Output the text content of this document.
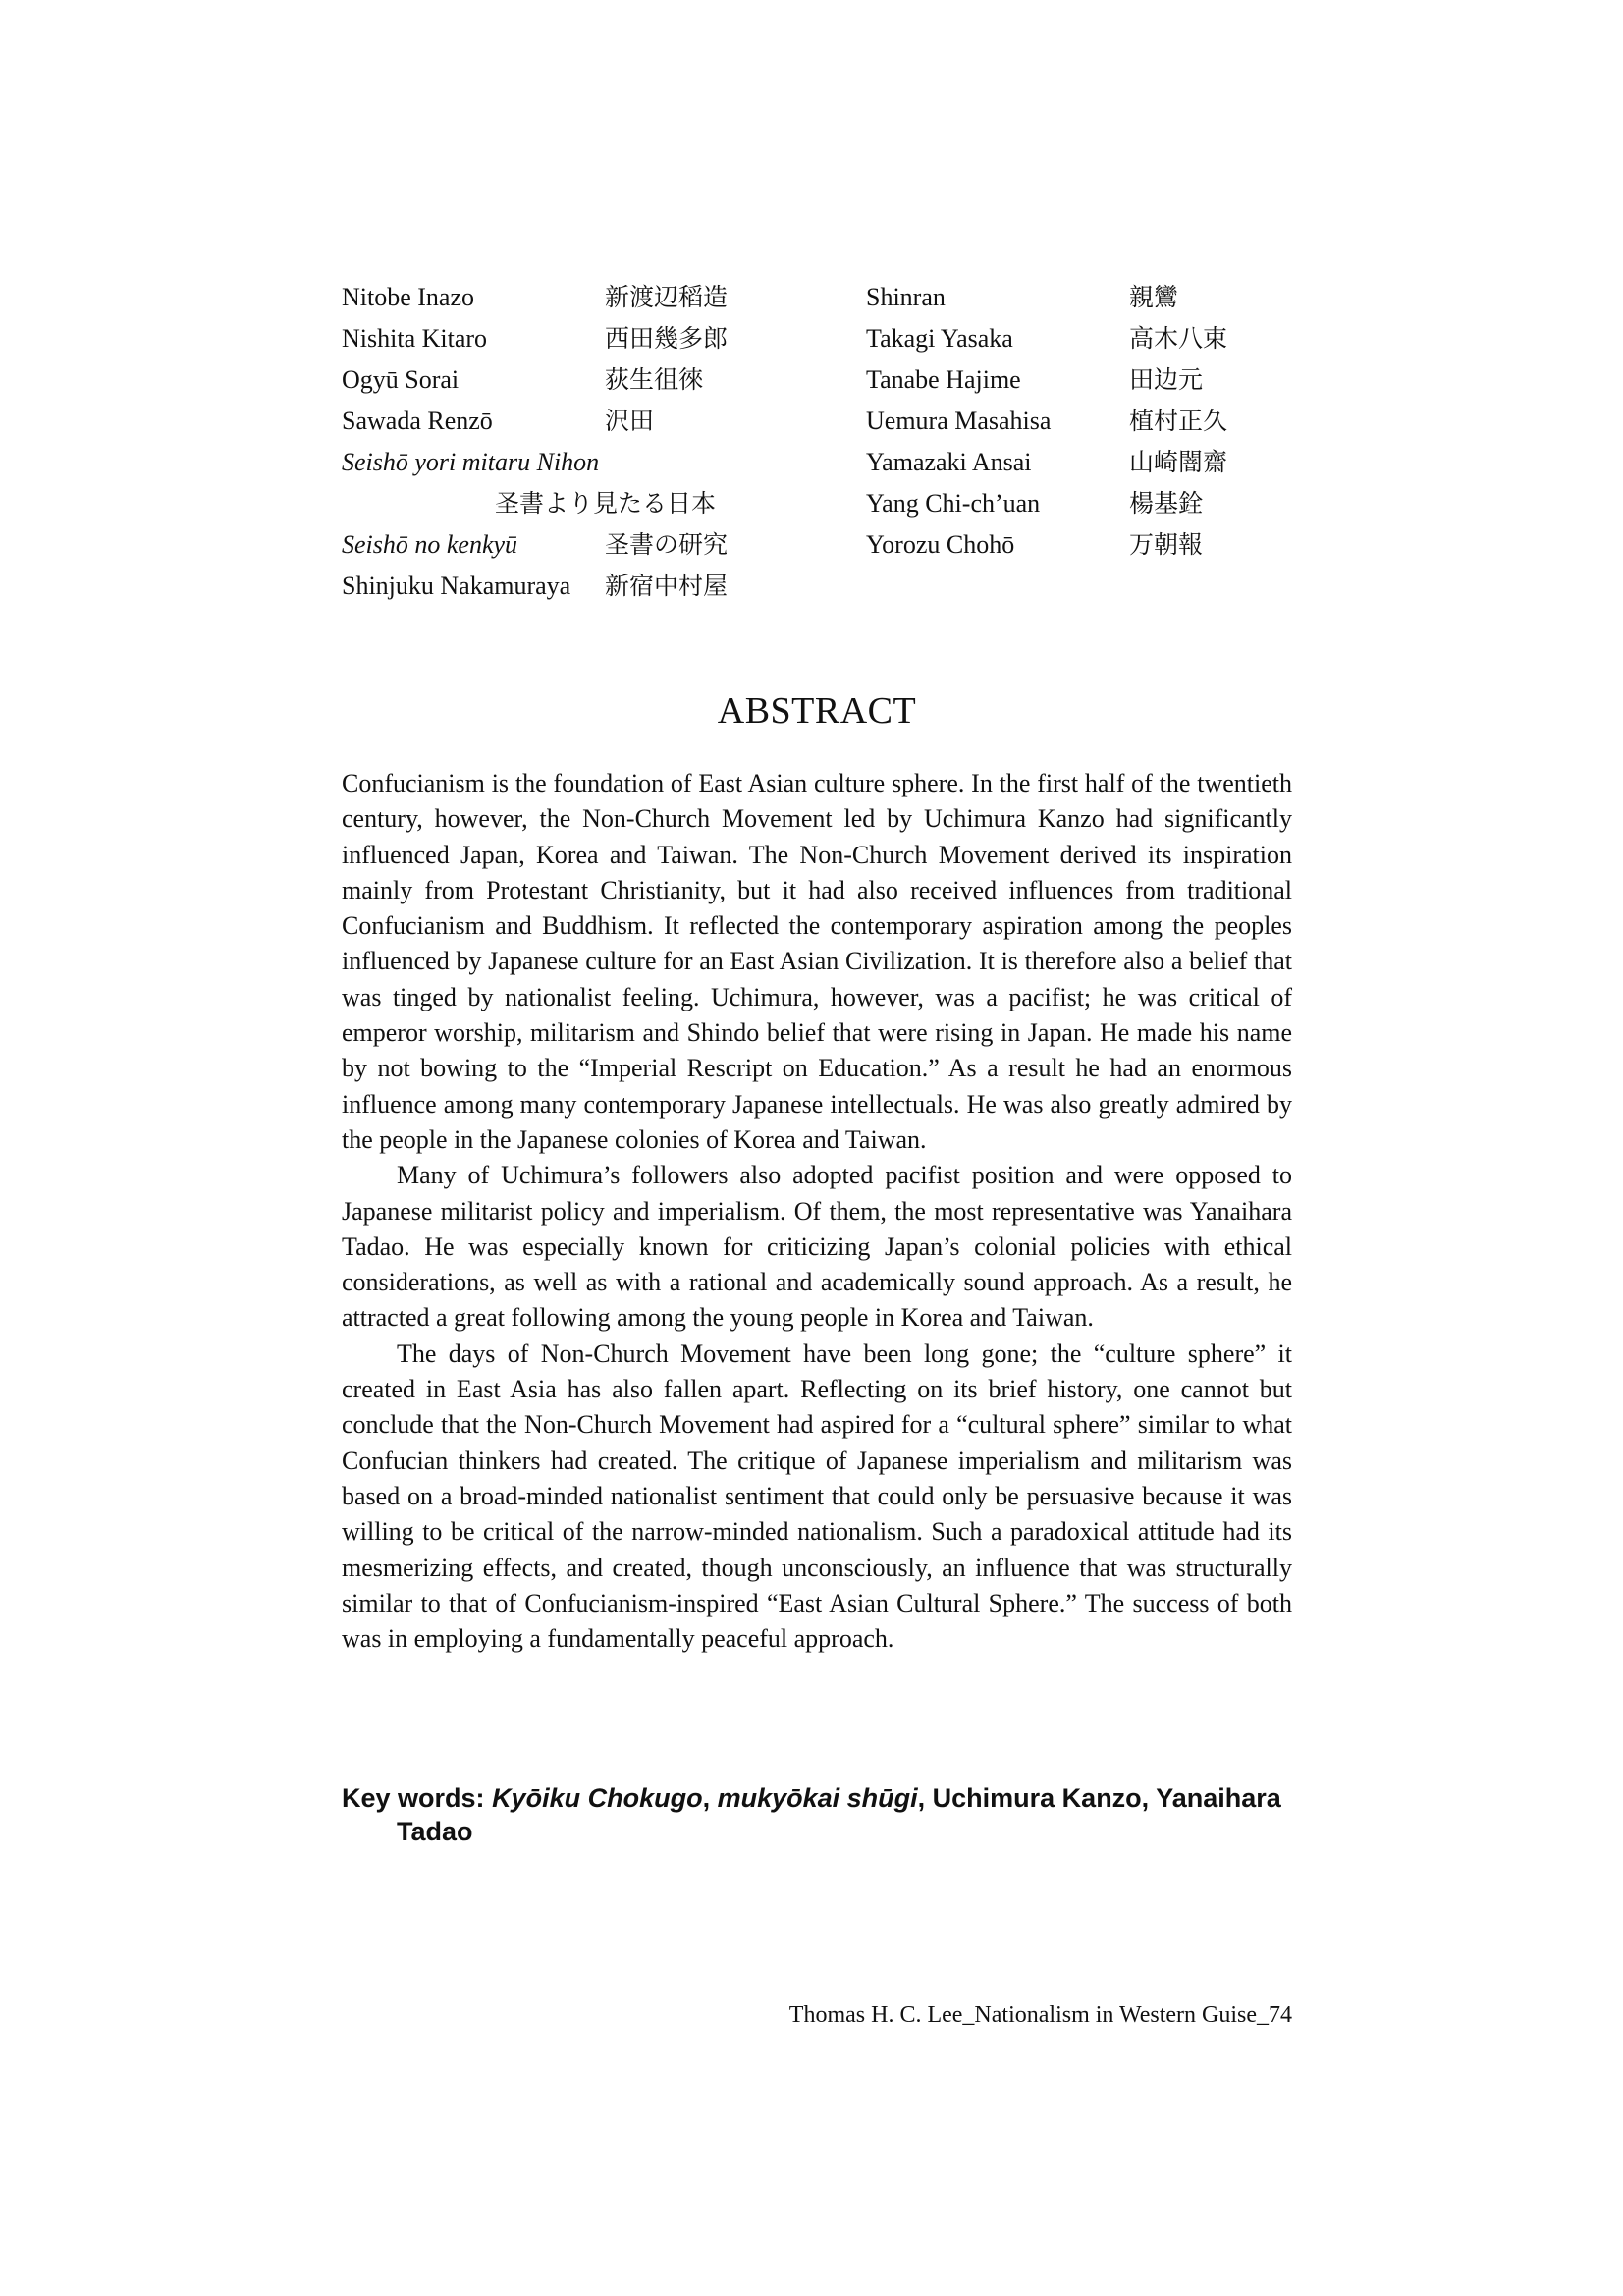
Nitobe Inazo	新渡辺稻造
Nishita Kitaro	西田幾多郎
Ogyū Sorai	荻生徂徠
Sawada Renzō	沢田
Seishō yori mitaru Nihon
圣書より見たる日本
Seishō no kenkyū	圣書の研究
Shinjuku Nakamuraya 新宿中村屋
Shinran	親鸞
Takagi Yasaka	高木八束
Tanabe Hajime	田边元
Uemura Masahisa	植村正久
Yamazaki Ansai	山崎闇齋
Yang Chi-ch’uan	楊基銓
Yorozu Chohō	万朝報
ABSTRACT

Confucianism is the foundation of East Asian culture sphere. In the first half of the twentieth century, however, the Non-Church Movement led by Uchimura Kanzo had significantly influenced Japan, Korea and Taiwan. The Non-Church Movement derived its inspiration mainly from Protestant Christianity, but it had also received influences from traditional Confucianism and Buddhism. It reflected the contemporary aspiration among the peoples influenced by Japanese culture for an East Asian Civilization. It is therefore also a belief that was tinged by nationalist feeling. Uchimura, however, was a pacifist; he was critical of emperor worship, militarism and Shindo belief that were rising in Japan. He made his name by not bowing to the “Imperial Rescript on Education.” As a result he had an enormous influence among many contemporary Japanese intellectuals. He was also greatly admired by the people in the Japanese colonies of Korea and Taiwan.

Many of Uchimura’s followers also adopted pacifist position and were opposed to Japanese militarist policy and imperialism. Of them, the most representative was Yanaihara Tadao. He was especially known for criticizing Japan’s colonial policies with ethical considerations, as well as with a rational and academically sound approach. As a result, he attracted a great following among the young people in Korea and Taiwan.

The days of Non-Church Movement have been long gone; the “culture sphere” it created in East Asia has also fallen apart. Reflecting on its brief history, one cannot but conclude that the Non-Church Movement had aspired for a “cultural sphere” similar to what Confucian thinkers had created. The critique of Japanese imperialism and militarism was based on a broad-minded nationalist sentiment that could only be persuasive because it was willing to be critical of the narrow-minded nationalism. Such a paradoxical attitude had its mesmerizing effects, and created, though unconsciously, an influence that was structurally similar to that of Confucianism-inspired “East Asian Cultural Sphere.” The success of both was in employing a fundamentally peaceful approach.

Key words: Kyōiku Chokugo, mukyōkai shūgi, Uchimura Kanzo, Yanaihara Tadao
Thomas H. C. Lee_Nationalism in Western Guise_74
